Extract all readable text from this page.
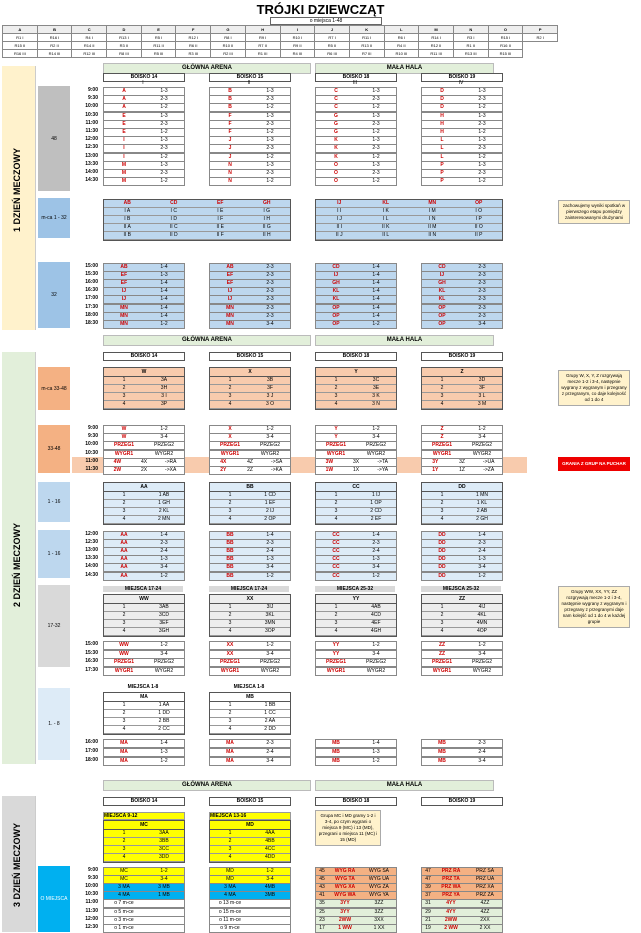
TRÓJKI DZIEWCZĄT
o miejsca 1-48
A	B	C	D	E	F	G	H	I	J	K	L	M	N	O	P
R1 I	R16 I	R4 I	R13 I	R5 I	R12 I	R8 I	R9 I	R10 I	R7 I	R11 I	R6 I	R14 I	R3 I	R15 I	R2 I
R15 II	R2 II	R14 II	R3 II	R11 II	R6 II	R10 II	R7 II	R9 II	R5 II	R13 II	R4 II	R12 II	R1 II	R16 II	
R16 III	R14 III	R12 III	R8 III	R5 III	R3 III	R2 III	R1 III	R4 III	R6 III	R7 III	R10 III	R11 III	R13 III	R15 III	
1 DZIEŃ MECZOWY
2 DZIEŃ MECZOWY
3 DZIEŃ MECZOWY
GŁÓWNA ARENA	MAŁA HALA
BOISKO 14	BOISKO 15	BOISKO 18	BOISKO 19
I	II	III	IV
48
9:00	A	1-3	B	1-3	C	1-3	D	1-3
9:30	A	2-3	B	2-3	C	2-3	D	2-3
10:00	A	1-2	B	1-2	C	1-2	D	1-2
10:30	E	1-3	F	1-3	G	1-3	H	1-3
11:00	E	2-3	F	2-3	G	2-3	H	2-3
11:30	E	1-2	F	1-2	G	1-2	H	1-2
12:00	I	1-3	J	1-3	K	1-3	L	1-3
12:30	I	2-3	J	2-3	K	2-3	L	2-3
13:00	I	1-2	J	1-2	K	1-2	L	1-2
13:30	M	1-3	N	1-3	O	1-3	P	1-3
14:00	M	2-3	N	2-3	O	2-3	P	2-3
14:30	M	1-2	N	1-2	O	1-2	P	1-2
m-ca 1 - 32
AB	CD	EF	GH
I A	I C	I E	I G
I B	I D	I F	I H
II A	II C	II E	II G
II B	II D	II F	II H
IJ	KL	MN	OP
I I	I K	I M	I O
I J	I L	I N	I P
II I	II K	II M	II O
II J	II L	II N	II P
zachowujemy wyniki spotkań w pierwszego etapu pomiędzy zainteresowanymi drużynami
32
15:00	AB	1-4	AB	2-3	CD	1-4	CD	2-3
15:30	EF	1-3	EF	2-3	IJ	1-4	IJ	2-3
16:00	EF	1-4	EF	2-3	GH	1-4	GH	2-3
16:30	IJ	1-4	IJ	2-3	KL	1-4	KL	2-3
17:00	IJ	1-4	IJ	2-3	KL	1-4	KL	2-3
17:30	MN	1-4	MN	2-3	OP	1-4	OP	2-3
18:00	MN	1-4	MN	2-3	OP	1-4	OP	2-3
18:30	MN	1-2	MN	3-4	OP	1-2	OP	3-4
GŁÓWNA ARENA	MAŁA HALA
BOISKO 14	BOISKO 15	BOISKO 18	BOISKO 19
m-ca 33-48
W
1	3A
2	3H
3	3 I
4	3P
X
1	3B
2	3F
3	3 J
4	3 O
Y
1	3C
2	3E
3	3 K
4	3 N
Z
1	3D
2	3F
3	3 L
4	3 M
Grupy W, X, Y, Z rozgrywają mecze 1-2 i 3-4, następnie wygrany z wygranym i przegrany z przegranym, co daje kolejność od 1 do 4
33-48
9:00	W	1-2	X	1-2	Y	1-2	Z	1-2
9:30	W	3-4	X	3-4	Y	3-4	Z	3-4
10:00	PRZEG1	PRZEG2	PRZEG1	PRZEG2	PRZEG1	PRZEG2	PRZEG1	PRZEG2
10:30	WYGR1	WYGR2	WYGR1	WYGR2	WYGR1	WYGR2	WYGR1	WYGR2
11:00	4W	4X	->RA	4X	4Z	->SA	3W	3X	->TA	3Y	3Z	->UA
11:30	2W	2X	->XA	2Y	2Z	->KA	1W	1X	->YA	1Y	1Z	->ZA
GRANIA Z GRUP NA PUCHAR
1 - 16
AA
1	1 AB
2	1 GH
3	2 KL
4	2 MN
BB
1	1 CD
2	1 EF
3	2 IJ
4	2 OP
CC
1	1 IJ
2	1 OP
3	2 CD
4	2 EF
DD
1	1 MN
2	1 KL
3	2 AB
4	2 GH
1 - 16
12:00	AA	1-4	BB	1-4	CC	1-4	DD	1-4
12:30	AA	2-3	BB	2-3	CC	2-3	DD	2-3
13:00	AA	2-4	BB	2-4	CC	2-4	DD	2-4
13:30	AA	1-3	BB	1-3	CC	1-3	DD	1-3
14:00	AA	3-4	BB	3-4	CC	3-4	DD	3-4
14:30	AA	1-2	BB	1-2	CC	1-2	DD	1-2
17-32
MIEJSCA 17-24	MIEJSCA 17-24	MIEJSCA 25-32	MIEJSCA 25-32
WW
1	3AB
2	3CD
3	3EF
4	3GH
XX
1	3IJ
2	3KL
3	3MN
4	3OP
YY
1	4AB
2	4CD
3	4EF
4	4GH
ZZ
1	4IJ
2	4KL
3	4MN
4	4OP
Grupy WW, XX, YY, ZZ rozgrywają mecze 1-2 i 3-4, następnie wygrany z wygranym i przegrany z przegranymi daje nam kolejść od 1 do 4 w każdej grupie
15:00	WW	1-2	XX	1-2	YY	1-2	ZZ	1-2
15:30	WW	3-4	XX	3-4	YY	3-4	ZZ	3-4
16:30	PRZEG1	PRZEG2	PRZEG1	PRZEG2	PRZEG1	PRZEG2	PRZEG1	PRZEG2
17:30	WYGR1	WYGR2	WYGR1	WYGR2	WYGR1	WYGR2	WYGR1	WYGR2
1. - 8
MIEJSCA 1-8	MIEJSCA 1-8
MA
1	1 AA
2	1 DD
3	2 BB
4	2 CC
MB
1	1 BB
2	1 CC
3	2 AA
4	2 DD
16:00	MA	1-4	MA	2-3	MB	1-4	MB	2-3
17:00	MA	1-3	MA	2-4	MB	1-3	MB	2-4
18:00	MA	1-2	MA	3-4	MB	1-2	MB	3-4
GŁÓWNA ARENA	MAŁA HALA
BOISKO 14	BOISKO 15	BOISKO 18	BOISKO 19
MIEJSCA 9-12	MIEJSCA 13-16
MC
1	3AA
2	3BB
3	3CC
4	3DD
MD
1	4AA
2	4BB
3	4CC
4	4DD
Grupa MC i MD gramy 1-2 i 3-4, po czym wygrani o miejsca 9 (MC) i 13 (MD), przegrani o miejsca 11 (MC) i 15 (MD)
O MIEJSCA
9:00	MC	1-2	MD	1-2	45	WYG RA	WYG SA	47	PRZ RA	PRZ SA
9:30	MC	3-4	MD	3-4	45	WYG TA	WYG UA	47	PRZ TA	PRZ UA
10:00	3 MA	3 MB	3 MA	4MB	43	WYG XA	WYG ZA	39	PRZ WA	PRZ XA
10:30	4 MA	1 MB	4 MA	3MB	41	WYG WA	WYG YA	37	PRZ YA	PRZ ZA
11:00	o 7 m-ce	o 13 m-ce	35	3YY	3ZZ	31	4YY	4ZZ
11:30	o 5 m-ce	o 15 m-ce	25	3YY	3ZZ	29	4YY	4ZZ
12:00	o 3 m-ce	o 11 m-ce	23	2WW	3XX	21	2WW	2XX
12:30	o 1 m-ce	o 9 m-ce	17	1 WW	1 XX	19	2 WW	2 XX
